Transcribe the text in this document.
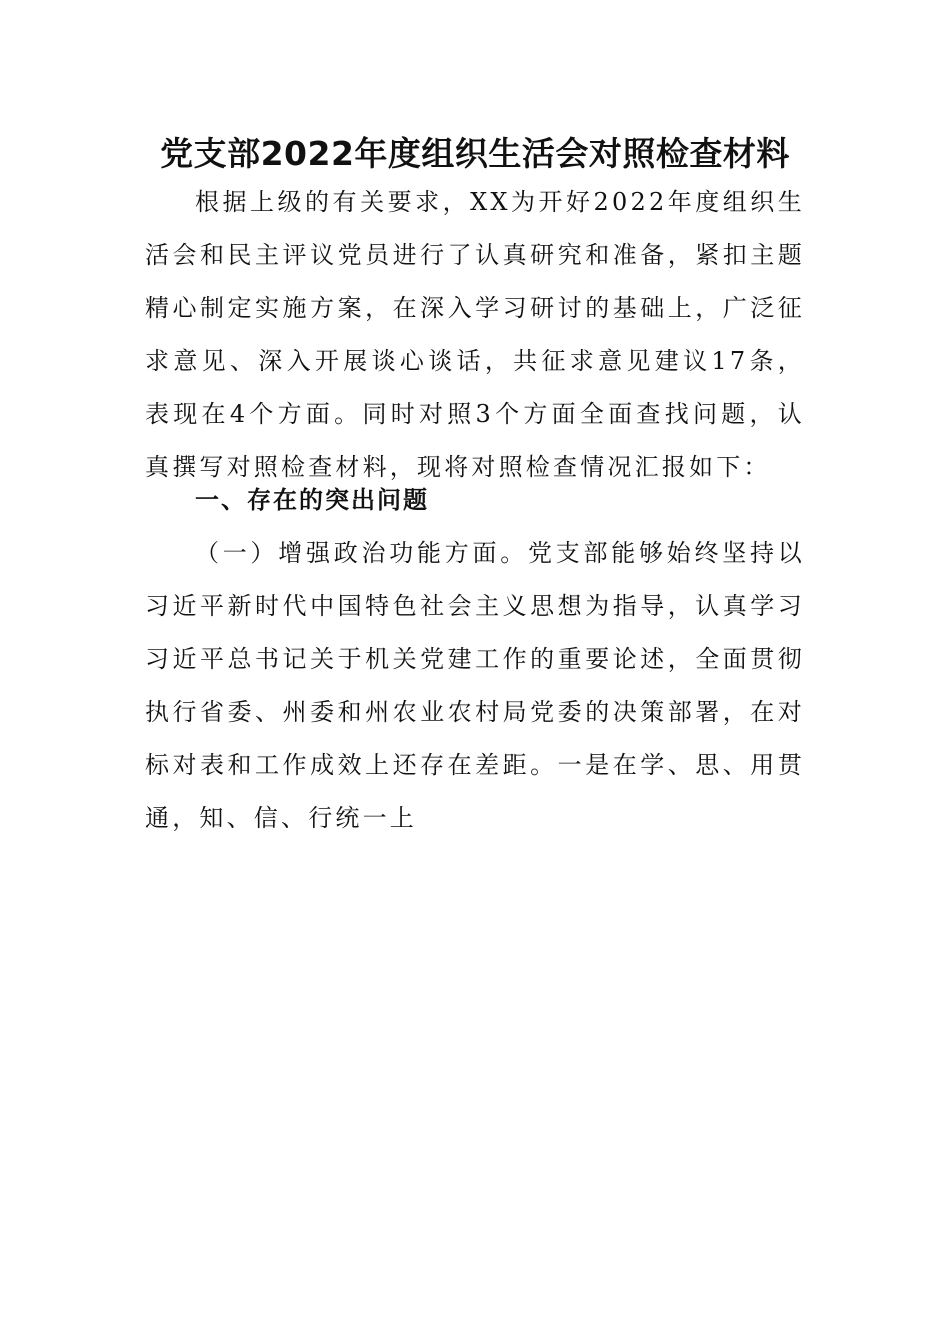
党支部2022年度组织生活会对照检查材料

根据上级的有关要求，XX为开好2022年度组织生活会和民主评议党员进行了认真研究和准备，紧扣主题精心制定实施方案，在深入学习研讨的基础上，广泛征求意见、深入开展谈心谈话，共征求意见建议17条，表现在4个方面。同时对照3个方面全面查找问题，认真撰写对照检查材料，现将对照检查情况汇报如下：

一、存在的突出问题

（一）增强政治功能方面。党支部能够始终坚持以习近平新时代中国特色社会主义思想为指导，认真学习习近平总书记关于机关党建工作的重要论述，全面贯彻执行省委、州委和州农业农村局党委的决策部署，在对标对表和工作成效上还存在差距。一是在学、思、用贯通，知、信、行统一上
